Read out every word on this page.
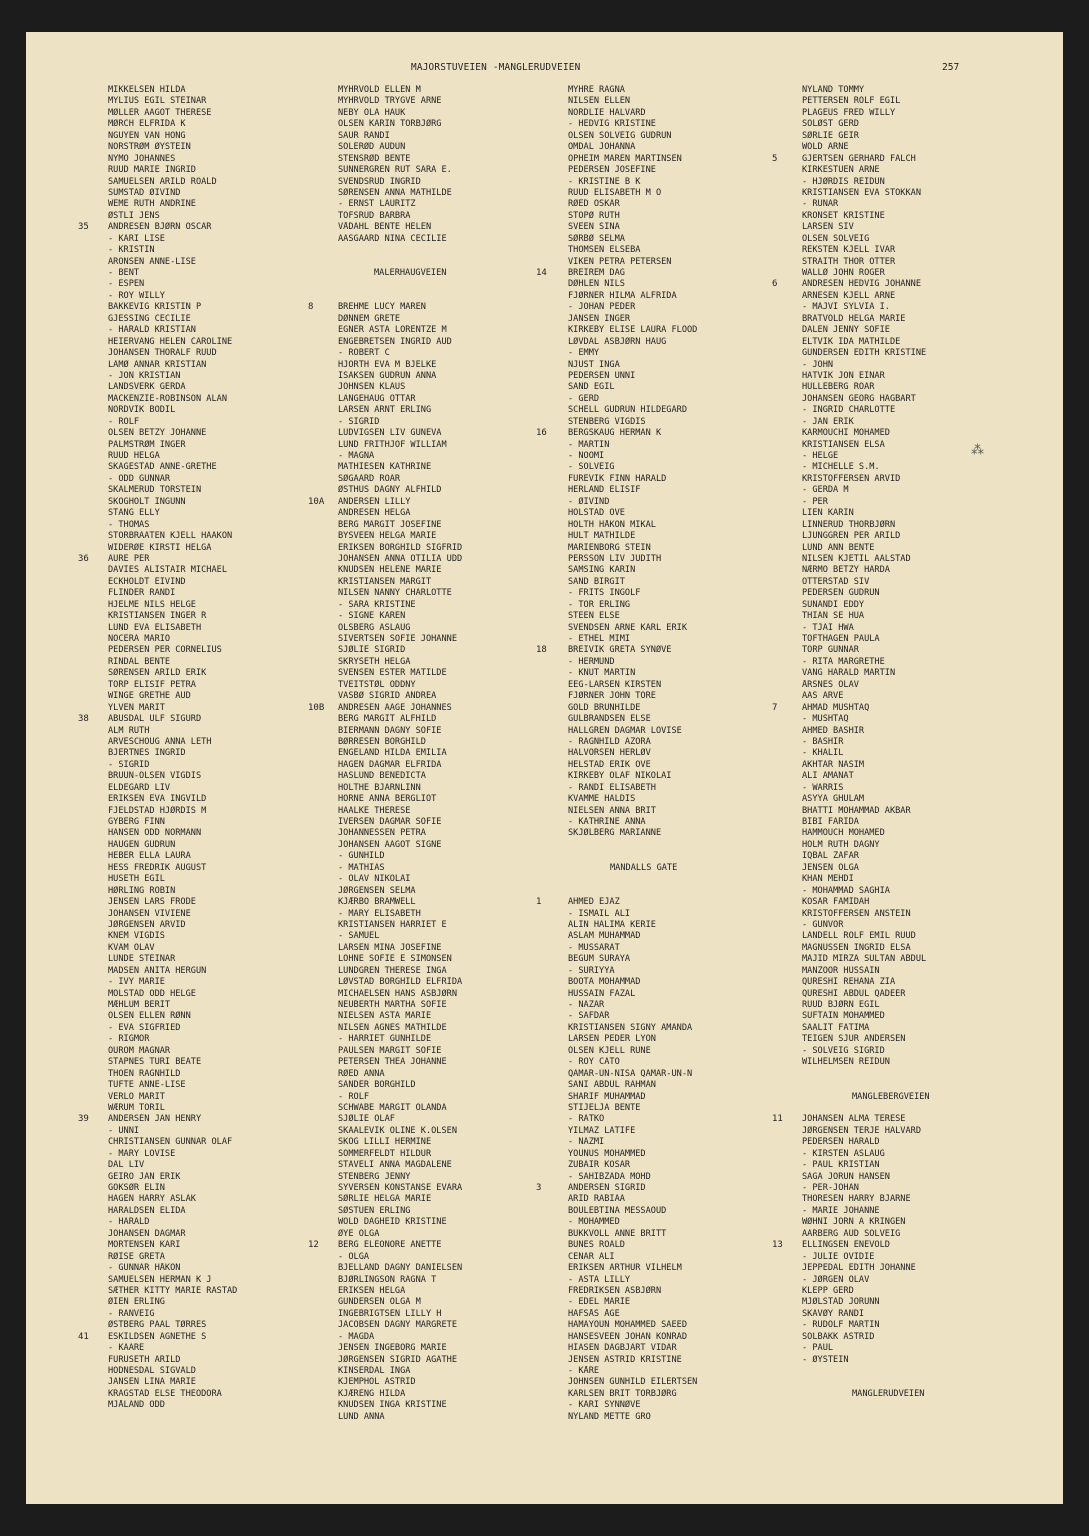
MAJORSTUVEIEN -MANGLERUDVEIEN	257
MIKKELSEN HILDA
MYLIUS EGIL STEINAR
MØLLER AAGOT THERESE
MØRCH ELFRIDA K
NGUYEN VAN HONG
NORSTRØM ØYSTEIN
NYMO JOHANNES
RUUD MARIE INGRID
SAMUELSEN ARILD ROALD
SUMSTAD ØIVIND
WEME RUTH ANDRINE
ØSTLI JENS
35 ANDRESEN BJØRN OSCAR
- KARI LISE
- KRISTIN
ARONSEN ANNE-LISE
- BENT
- ESPEN
- ROY WILLY
BAKKEVIG KRISTIN P
GJESSING CECILIE
- HARALD KRISTIAN
HEIERVANG HELEN CAROLINE
JOHANSEN THORALF RUUD
LAMØ ANNAR KRISTIAN
- JON KRISTIAN
LANDSVERK GERDA
MACKENZIE-ROBINSON ALAN
NORDVIK BODIL
- ROLF
OLSEN BETZY JOHANNE
PALMSTRØM INGER
RUUD HELGA
SKAGESTAD ANNE-GRETHE
- ODD GUNNAR
SKALMERUD TORSTEIN
SKOGHOLT INGUNN
STANG ELLY
- THOMAS
STORBRAATEN KJELL HAAKON
WIDERØE KIRSTI HELGA
36 AURE PER
DAVIES ALISTAIR MICHAEL
ECKHOLDT EIVIND
FLINDER RANDI
HJELME NILS HELGE
KRISTIANSEN INGER R
LUND EVA ELISABETH
NOCERA MARIO
PEDERSEN PER CORNELIUS
RINDAL BENTE
SØRENSEN ARILD ERIK
TORP ELISIF PETRA
WINGE GRETHE AUD
YLVEN MARIT
38 ABUSDAL ULF SIGURD
ALM RUTH
ARVESCHOUG ANNA LETH
BJERTNES INGRID
- SIGRID
BRUUN-OLSEN VIGDIS
ELDEGARD LIV
ERIKSEN EVA INGVILD
FJELDSTAD HJØRDIS M
GYBERG FINN
HANSEN ODD NORMANN
HAUGEN GUDRUN
HEBER ELLA LAURA
HESS FREDRIK AUGUST
HUSETH EGIL
HØRLING ROBIN
JENSEN LARS FRODE
JOHANSEN VIVIENE
JØRGENSEN ARVID
KNEM VIGDIS
KVAM OLAV
LUNDE STEINAR
MADSEN ANITA HERGUN
- IVY MARIE
MOLSTAD ODD HELGE
MÆHLUM BERIT
OLSEN ELLEN RØNN
- EVA SIGFRIED
- RIGMOR
OUROM MAGNAR
STAPNES TURI BEATE
THOEN RAGNHILD
TUFTE ANNE-LISE
VERLO MARIT
WÆRUM TORIL
39 ANDERSEN JAN HENRY
- UNNI
CHRISTIANSEN GUNNAR OLAF
- MARY LOVISE
DAL LIV
GEIRO JAN ERIK
GOKSØR ELIN
HAGEN HARRY ASLAK
HARALDSEN ELIDA
- HARALD
JOHANSEN DAGMAR
MORTENSEN KARI
RØISE GRETA
- GUNNAR HÅKON
SAMUELSEN HERMAN K J
SÆTHER KITTY MARIE RASTAD
ØIEN ERLING
- RANVEIG
ØSTBERG PAAL TØRRES
41 ESKILDSEN AGNETHE S
- KAARE
FURUSETH ARILD
HODNESDAL SIGVALD
JANSEN LINA MARIE
KRAGSTAD ELSE THEODORA
MJÅLAND ODD
MYHRVOLD ELLEN M
MYHRVOLD TRYGVE ARNE
NEBY OLA HAUK
OLSEN KARIN TORBJØRG
SAUR RANDI
SOLERØD AUDUN
STENSRØD BENTE
SUNNERGREN RUT SARA E.
SVENDSRUD INGRID
SØRENSEN ANNA MATHILDE
- ERNST LAURITZ
TOFSRUD BARBRA
VÅDAHL BENTE HELEN
AASGAARD NINA CECILIE
MALERHAUGVEIEN
8	BREHME LUCY MAREN
DØNNEM GRETE
EGNER ASTA LORENTZE M
ENGEBRETSEN INGRID AUD
- ROBERT C
HJORTH EVA M BJELKE
ISAKSEN GUDRUN ANNA
JOHNSEN KLAUS
LANGEHAUG OTTAR
LARSEN ARNT ERLING
- SIGRID
LUDVIGSEN LIV GUNEVA
LUND FRITHJOF WILLIAM
- MAGNA
MATHIESEN KATHRINE
SØGAARD ROAR
ØSTHUS DAGNY ALFHILD
10A ANDERSEN LILLY
ANDRESEN HELGA
BERG MARGIT JOSEFINE
BYSVEEN HELGA MARIE
ERIKSEN BORGHILD SIGFRID
JOHANSEN ANNA OTILIA UDD
KNUDSEN HELENE MARIE
KRISTIANSEN MARGIT
NILSEN NANNY CHARLOTTE
- SARA KRISTINE
- SIGNE KAREN
OLSBERG ASLAUG
SIVERTSEN SOFIE JOHANNE
SJØLIE SIGRID
SKRYSETH HELGA
SVENSEN ESTER MATILDE
TVEITSTØL ODDNY
VASBØ SIGRID ANDREA
10B ANDRESEN AAGE JOHANNES
BERG MARGIT ALFHILD
BIERMANN DAGNY SOFIE
BØRRESEN BORGHILD
ENGELAND HILDA EMILIA
HAGEN DAGMAR ELFRIDA
HASLUND BENEDICTA
HOLTHE BJARNLINN
HORNE ANNA BERGLIOT
HAALKE THERESE
IVERSEN DAGMAR SOFIE
JOHANNESSEN PETRA
JOHANSEN AAGOT SIGNE
- GUNHILD
- MATHIAS
- OLAV NIKOLAI
JØRGENSEN SELMA
KJÆRBO BRAMWELL
- MARY ELISABETH
KRISTIANSEN HARRIET E
- SAMUEL
LARSEN MINA JOSEFINE
LOHNE SOFIE E SIMONSEN
LUNDGREN THERESE INGA
LØVSTAD BORGHILD ELFRIDA
MICHAELSEN HANS ASBJØRN
NEUBERTH MARTHA SOFIE
NIELSEN ASTA MARIE
NILSEN AGNES MATHILDE
- HARRIET GUNHILDE
PAULSEN MARGIT SOFIE
PETERSEN THEA JOHANNE
RØED ANNA
SANDER BORGHILD
- ROLF
SCHWABE MARGIT OLANDA
SJØLIE OLAF
SKAALEVIK OLINE K.OLSEN
SKOG LILLI HERMINE
SOMMERFELDT HILDUR
STAVELI ANNA MAGDALENE
STENBERG JENNY
SYVERSEN KONSTANSE EVARA
SØRLIE HELGA MARIE
SØSTUEN ERLING
WOLD DAGHEID KRISTINE
ØYE OLGA
12 BERG ELEONORE ANETTE
- OLGA
BJELLAND DAGNY DANIELSEN
BJØRLINGSON RAGNA T
ERIKSEN HELGA
GUNDERSEN OLGA M
INGEBRIGTSEN LILLY H
JACOBSEN DAGNY MARGRETE
- MAGDA
JENSEN INGEBORG MARIE
JØRGENSEN SIGRID AGATHE
KINSERDAL INGA
KJEMPHOL ASTRID
KJÆRENG HILDA
KNUDSEN INGA KRISTINE
LUND ANNA
MYHRE RAGNA
NILSEN ELLEN
NORDLIE HALVARD
- HEDVIG KRISTINE
OLSEN SOLVEIG GUDRUN
OMDAL JOHANNA
OPHEIM MAREN MARTINSEN
PEDERSEN JOSEFINE
- KRISTINE B K
RUUD ELISABETH M O
RØED OSKAR
STOPØ RUTH
SVEEN SINA
SØRBØ SELMA
THOMSEN ELSEBA
VIKEN PETRA PETERSEN
14 BREIREM DAG
DØHLEN NILS
FJØRNER HILMA ALFRIDA
- JOHAN PEDER
JANSEN INGER
KIRKEBY ELISE LAURA FLOOD
LØVDAL ASBJØRN HAUG
- EMMY
NJUST INGA
PEDERSEN UNNI
SAND EGIL
- GERD
SCHELL GUDRUN HILDEGARD
STENBERG VIGDIS
16 BERGSKAUG HERMAN K
- MARTIN
- NOOMI
- SOLVEIG
FUREVIK FINN HARALD
HERLAND ELISIF
- ØIVIND
HOLSTAD OVE
HOLTH HÅKON MIKAL
HULT MATHILDE
MARIENBORG STEIN
PERSSON LIV JUDITH
SAMSING KARIN
SAND BIRGIT
- FRITS INGOLF
- TOR ERLING
STEEN ELSE
SVENDSEN ARNE KARL ERIK
- ETHEL MIMI
18 BREIVIK GRETA SYNØVE
- HERMUND
- KNUT MARTIN
EEG-LARSEN KIRSTEN
FJØRNER JOHN TORE
GOLD BRUNHILDE
GULBRANDSEN ELSE
HALLGREN DAGMAR LOVISE
- RAGNHILD AZORA
HALVORSEN HERLØV
HELSTAD ERIK OVE
KIRKEBY OLAF NIKOLAI
- RANDI ELISABETH
KVAMME HALDIS
NIELSEN ANNA BRIT
- KATHRINE ANNA
SKJØLBERG MARIANNE
MANDALLS GATE
1	AHMED EJAZ
- ISMAIL ALI
ALIN HALIMA KERIE
ASLAM MUHAMMAD
- MUSSARAT
BEGUM SURAYA
- SURIYYA
BOOTA MOHAMMAD
HUSSAIN FAZAL
- NAZAR
- SAFDAR
KRISTIANSEN SIGNY AMANDA
LARSEN PEDER LYON
OLSEN KJELL RUNE
- ROY CATO
QAMAR-UN-NISA QAMAR-UN-N
SANI ABDUL RAHMAN
SHARIF MUHAMMAD
ŠTIJELJA BENTE
- RATKO
YILMAZ LATIFE
- NAZMI
YOUNUS MOHAMMED
ZUBAIR KOSAR
- SAHIBZADA MOHD
3	ANDERSEN SIGRID
ARID RABIAA
BOULEBTINA MESSAOUD
- MOHAMMED
BUKKVOLL ANNE BRITT
BUNES ROALD
CENAR ALI
ERIKSEN ARTHUR VILHELM
- ASTA LILLY
FREDRIKSEN ASBJØRN
- EDEL MARIE
HAFSÅS ÅGE
HAMAYOUN MOHAMMED SAEED
HANSESVEEN JOHAN KONRAD
HIASEN DAGBJART VIDAR
JENSEN ASTRID KRISTINE
- KÅRE
JOHNSEN GUNHILD EILERTSEN
KARLSEN BRIT TORBJØRG
- KARI SYNNØVE
NYLAND METTE GRO
NYLAND TOMMY
PETTERSEN ROLF EGIL
PLAGEUS FRED WILLY
SOLØST GERD
SØRLIE GEIR
WOLD ARNE
5	GJERTSEN GERHARD FALCH
KIRKESTUEN ARNE
- HJØRDIS REIDUN
KRISTIANSEN EVA STOKKAN
- RUNAR
KRONSET KRISTINE
LARSEN SIV
OLSEN SOLVEIG
REKSTEN KJELL IVAR
STRAITH THOR OTTER
WALLØ JOHN ROGER
6	ANDRESEN HEDVIG JOHANNE
ARNESEN KJELL ARNE
- MAJVI SYLVIA I.
BRATVOLD HELGA MARIE
DALEN JENNY SOFIE
ELTVIK IDA MATHILDE
GUNDERSEN EDITH KRISTINE
- JOHN
HATVIK JON EINAR
HULLEBERG ROAR
JOHANSEN GEORG HAGBART
- INGRID CHARLOTTE
- JAN ERIK
KARMOUCHI MOHAMED
KRISTIANSEN ELSA
- HELGE
- MICHELLE S.M.
KRISTOFFERSEN ARVID
- GERDA M
- PER
LIEN KARIN
LINNERUD THORBJØRN
LJUNGGREN PER ARILD
LUND ANN BENTE
NILSEN KJETIL AALSTAD
NÆRMO BETZY HARDA
OTTERSTAD SIV
PEDERSEN GUDRUN
SUNANDI EDDY
THIAN SE HUA
- TJAI HWA
TOFTHAGEN PAULA
TORP GUNNAR
- RITA MARGRETHE
VANG HARALD MARTIN
ÅRSNES OLAV
AAS ARVE
7	AHMAD MUSHTAQ
- MUSHTAQ
AHMED BASHIR
- BASHIR
- KHALIL
AKHTAR NASIM
ALI AMANAT
- WARRIS
ASYYA GHULAM
BHATTI MOHAMMAD AKBAR
BIBI FARIDA
HAMMOUCH MOHAMED
HOLM RUTH DAGNY
IQBAL ZAFAR
JENSEN OLGA
KHAN MEHDI
- MOHAMMAD SAGHIA
KOSAR FAMIDAH
KRISTOFFERSEN ANSTEIN
- GUNVOR
LANDELL ROLF EMIL RUUD
MAGNUSSEN INGRID ELSA
MAJID MIRZA SULTAN ABDUL
MANZOOR HUSSAIN
QURESHI REHANA ZIA
QURESHI ABDUL QADEER
RUUD BJØRN EGIL
SUFTAIN MOHAMMED
SAALIT FATIMA
TEIGEN SJUR ANDERSEN
- SOLVEIG SIGRID
WILHELMSEN REIDUN
MANGLEBERGVEIEN
11 JOHANSEN ALMA TERESE
JØRGENSEN TERJE HALVARD
PEDERSEN HARALD
- KIRSTEN ASLAUG
- PAUL KRISTIAN
SAGA JORUN HANSEN
- PER-JOHAN
THORESEN HARRY BJARNE
- MARIE JOHANNE
WØHNI JORN A KRINGEN
AARBERG AUD SOLVEIG
13 ELLINGSEN ENEVOLD
- JULIE OVIDIE
JEPPEDAL EDITH JOHANNE
- JØRGEN OLAV
KLEPP GERD
MJØLSTAD JORUNN
SKAVØY RANDI
- RUDOLF MARTIN
SOLBAKK ASTRID
- PAUL
- ØYSTEIN
MANGLERUDVEIEN
⁂
